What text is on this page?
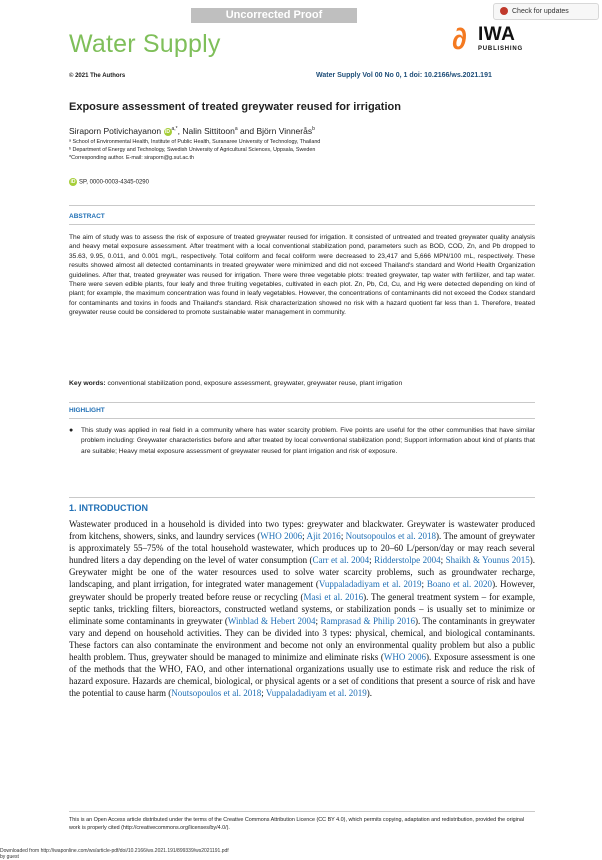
Uncorrected Proof	Check for updates
Water Supply	∂ IWA
PUBLISHING
© 2021 The Authors	Water Supply Vol 00 No 0, 1 doi: 10.2166/ws.2021.191
Exposure assessment of treated greywater reused for irrigation
Siraporn Potivichayanon iD $^{a,*}$, Nalin Sittitoon$^a$ and Björn Vinnerås$^b$
ᵃ School of Environmental Health, Institute of Public Health, Suranaree University of Technology, Thailand
ᵇ Department of Energy and Technology, Swedish University of Agricultural Sciences, Uppsala, Sweden
*Corresponding author. E-mail: siraporn@g.sut.ac.th
iD SP, 0000-0003-4345-0290
ABSTRACT
The aim of study was to assess the risk of exposure of treated greywater reused for irrigation. It consisted of untreated and treated greywater quality analysis and heavy metal exposure assessment. After treatment with a local conventional stabilization pond, parameters such as BOD, COD, Zn, and Pb dropped to 35.63, 9.95, 0.011, and 0.001 mg/L, respectively. Total coliform and fecal coliform were decreased to 23,417 and 5,666 MPN/100 mL, respectively. These results showed almost all detected contaminants in treated greywater were minimized and did not exceed Thailand's standard and World Health Organization guidelines. After that, treated greywater was reused for irrigation. There were three vegetable plots: treated greywater, tap water with fertilizer, and tap water. There were seven edible plants, four leafy and three fruiting vegetables, cultivated in each plot. Zn, Pb, Cd, Cu, and Hg were detected depending on kind of plant; for example, the maximum concentration was found in leafy vegetables. However, the concentrations of contaminants did not exceed the Codex standard for contaminants and toxins in foods and Thailand's standard. Risk characterization showed no risk with a hazard quotient far less than 1. Therefore, treated greywater reuse could be considered to promote sustainable water management in community.
Key words: conventional stabilization pond, exposure assessment, greywater, greywater reuse, plant irrigation
HIGHLIGHT
● This study was applied in real field in a community where has water scarcity problem. Five points are useful for the other communities that have similar problem including: Greywater characteristics before and after treated by local conventional stabilization pond; Support information about kind of plants that are suitable; Heavy metal exposure assessment of greywater reused for plant irrigation and risk of exposure.
1. INTRODUCTION
Wastewater produced in a household is divided into two types: greywater and blackwater. Greywater is wastewater produced from kitchens, showers, sinks, and laundry services (WHO 2006; Ajit 2016; Noutsopoulos et al. 2018). The amount of greywater is approximately 55–75% of the total household wastewater, which produces up to 20–60 L/person/day or may reach several hundred liters a day depending on the level of water consumption (Carr et al. 2004; Ridderstolpe 2004; Shaikh & Younus 2015). Greywater might be one of the water resources used to solve water scarcity problems, such as groundwater recharge, landscaping, and plant irrigation, for integrated water management (Vuppaladadiyam et al. 2019; Boano et al. 2020). However, greywater should be properly treated before reuse or recycling (Masi et al. 2016). The general treatment system – for example, septic tanks, trickling filters, bioreactors, constructed wetland systems, or stabilization ponds – is usually set to minimize or eliminate some contaminants in greywater (Winblad & Hebert 2004; Ramprasad & Philip 2016). The contaminants in greywater vary and depend on household activities. They can be divided into 3 types: physical, chemical, and biological contaminants. These factors can also contaminate the environment and become not only an environmental quality problem but also a public health problem. Thus, greywater should be managed to minimize and eliminate risks (WHO 2006). Exposure assessment is one of the methods that the WHO, FAO, and other international organizations usually use to estimate risk and reduce the risk of hazard exposure. Hazards are chemical, biological, or physical agents or a set of conditions that present a source of risk and have the potential to cause harm (Noutsopoulos et al. 2018; Vuppaladadiyam et al. 2019).
This is an Open Access article distributed under the terms of the Creative Commons Attribution Licence (CC BY 4.0), which permits copying, adaptation and redistribution, provided the original work is properly cited (http://creativecommons.org/licenses/by/4.0/).
Downloaded from http://iwaponline.com/ws/article-pdf/doi/10.2166/ws.2021.191/899339/ws2021191.pdf
by guest
